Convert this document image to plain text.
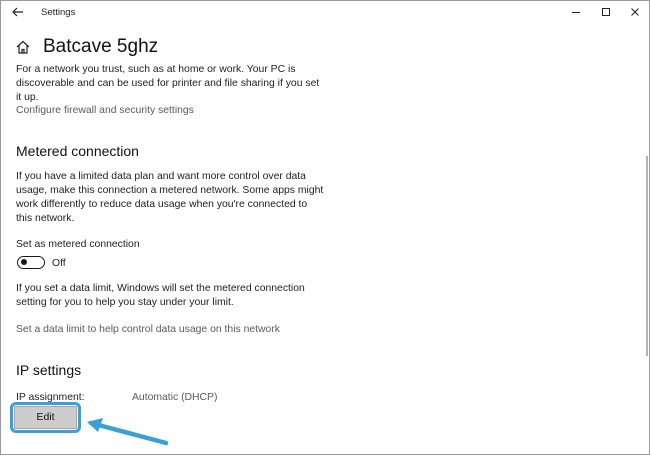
Settings
Batcave 5ghz
For a network you trust, such as at home or work. Your PC is
discoverable and can be used for printer and file sharing if you set
it up.
Configure firewall and security settings
Metered connection
If you have a limited data plan and want more control over data
usage, make this connection a metered network. Some apps might
work differently to reduce data usage when you're connected to
this network.
Set as metered connection
Off
If you set a data limit, Windows will set the metered connection
setting for you to help you stay under your limit.
Set a data limit to help control data usage on this network
IP settings
IP assignment:	Automatic (DHCP)
Edit
